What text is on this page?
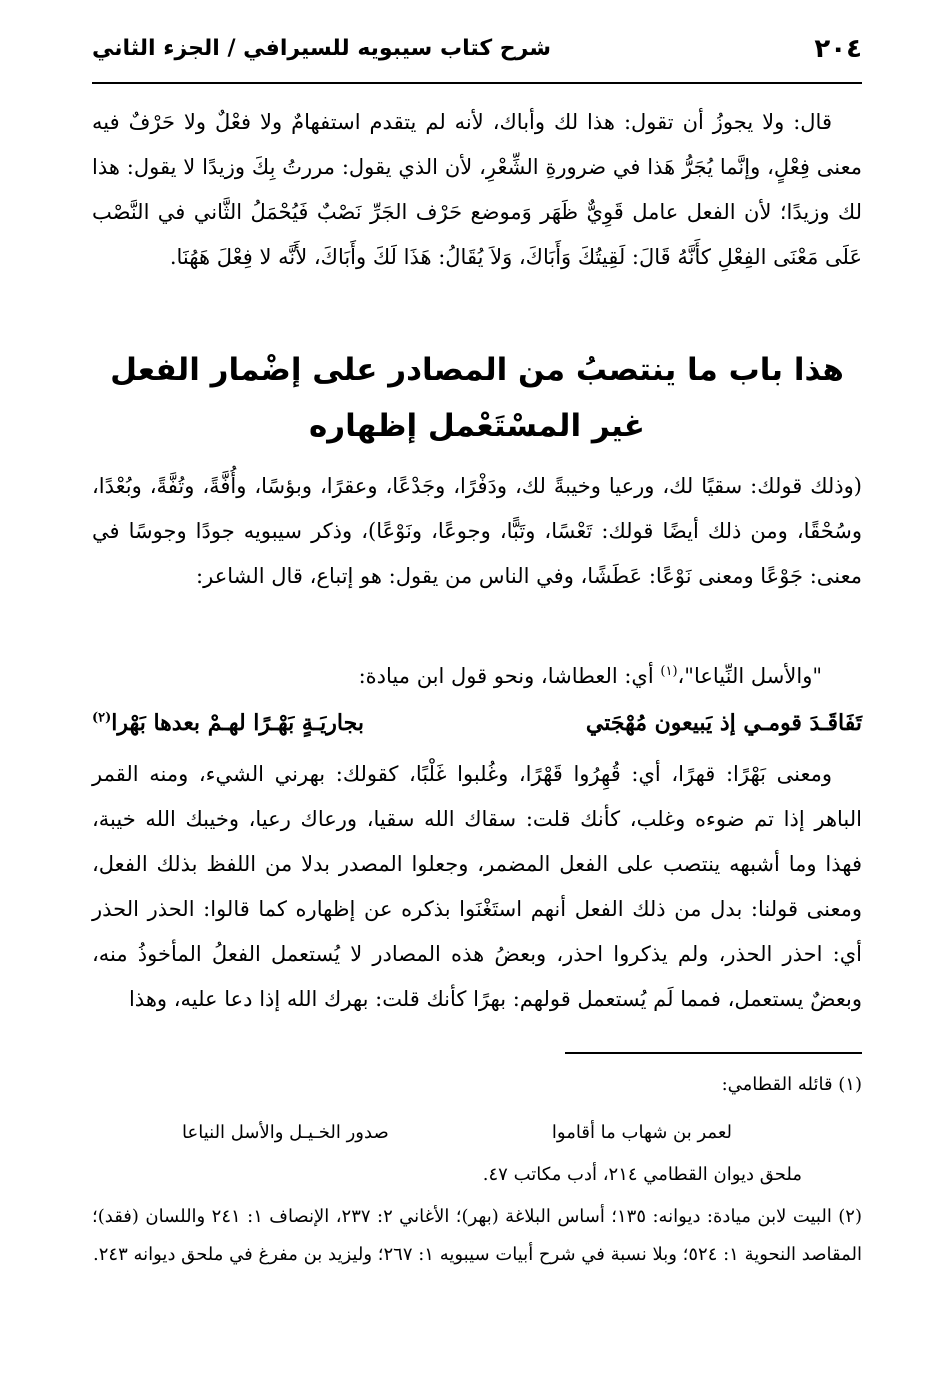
٢٠٤
شرح كتاب سيبويه للسيرافي / الجزء الثاني

قال: ولا يجوزُ أن تقول: هذا لك وأباك، لأنه لم يتقدم استفهامٌ ولا فعْلٌ ولا حَرْفٌ فيه معنى فِعْلٍ، وإنَّما يُجَرُّ هَذا في ضرورةِ الشِّعْرِ، لأن الذي يقول: مررتُ بِكَ وزيدًا لا يقول: هذا لك وزيدًا؛ لأن الفعل عامل قَوِيٌّ ظَهَر وَموضع حَرْف الجَرِّ نَصْبٌ فَيُحْمَلُ الثَّاني في النَّصْب عَلَى مَعْنَى الفِعْلِ كأَنَّهُ قَالَ: لَقِيتُكَ وَأَبَاكَ، وَلاَ يُقَالُ: هَذَا لَكَ وأَبَاكَ، لأَنَّه لا فِعْلَ هَهُنَا.

هذا باب ما ينتصبُ من المصادر على إضْمار الفعل
غير المسْتَعْمل إظهاره

(وذلك قولك: سقيًا لك، ورعيا وخيبةً لك، ودَفْرًا، وجَدْعًا، وعقرًا، وبؤسًا، وأُفَّةً، وتُفَّةً، وبُعْدًا، وسُحْقًا، ومن ذلك أيضًا قولك: تَعْسًا، وتَبًّا، وجوعًا، ونَوْعًا)، وذكر سيبويه جودًا وجوسًا في معنى: جَوْعًا ومعنى نَوْعًا: عَطَشًا، وفي الناس من يقول: هو إتباع، قال الشاعر:

"والأسل النِّياعا"،$^{(١)}$ أي: العطاشا، ونحو قول ابن ميادة:
تَفَاقَـدَ قومـي إذ يَبيعون مُهْجَتي
بجاريَـةٍ بَهْـرًا لهـمْ بعدها بَهْرا$^{(٢)}$

ومعنى بَهْرًا: قهرًا، أي: قُهِرُوا قَهْرًا، وغُلبوا غَلْبًا، كقولك: بهرني الشيء، ومنه القمر الباهر إذا تم ضوءه وغلب، كأنك قلت: سقاك الله سقيا، ورعاك رعيا، وخيبك الله خيبة، فهذا وما أشبهه ينتصب على الفعل المضمر، وجعلوا المصدر بدلا من اللفظ بذلك الفعل، ومعنى قولنا: بدل من ذلك الفعل أنهم استَغْنَوا بذكره عن إظهاره كما قالوا: الحذر الحذر أي: احذر الحذر، ولم يذكروا احذر، وبعضُ هذه المصادر لا يُستعمل الفعلُ المأخوذُ منه، وبعضٌ يستعمل، فمما لَم يُستعمل قولهم: بهرًا كأنك قلت: بهرك الله إذا دعا عليه، وهذا

(١) قائله القطامي:
لعمر بن شهاب ما أقاموا
صدور الخـيـل والأسل النياعا
ملحق ديوان القطامي ٢١٤، أدب مكاتب ٤٧.
(٢) البيت لابن ميادة: ديوانه: ١٣٥؛ أساس البلاغة (بهر)؛ الأغاني ٢: ٢٣٧، الإنصاف ١: ٢٤١ واللسان (فقد)؛ المقاصد النحوية ١: ٥٢٤؛ وبلا نسبة في شرح أبيات سيبويه ١: ٢٦٧؛ وليزيد بن مفرغ في ملحق ديوانه ٢٤٣.
